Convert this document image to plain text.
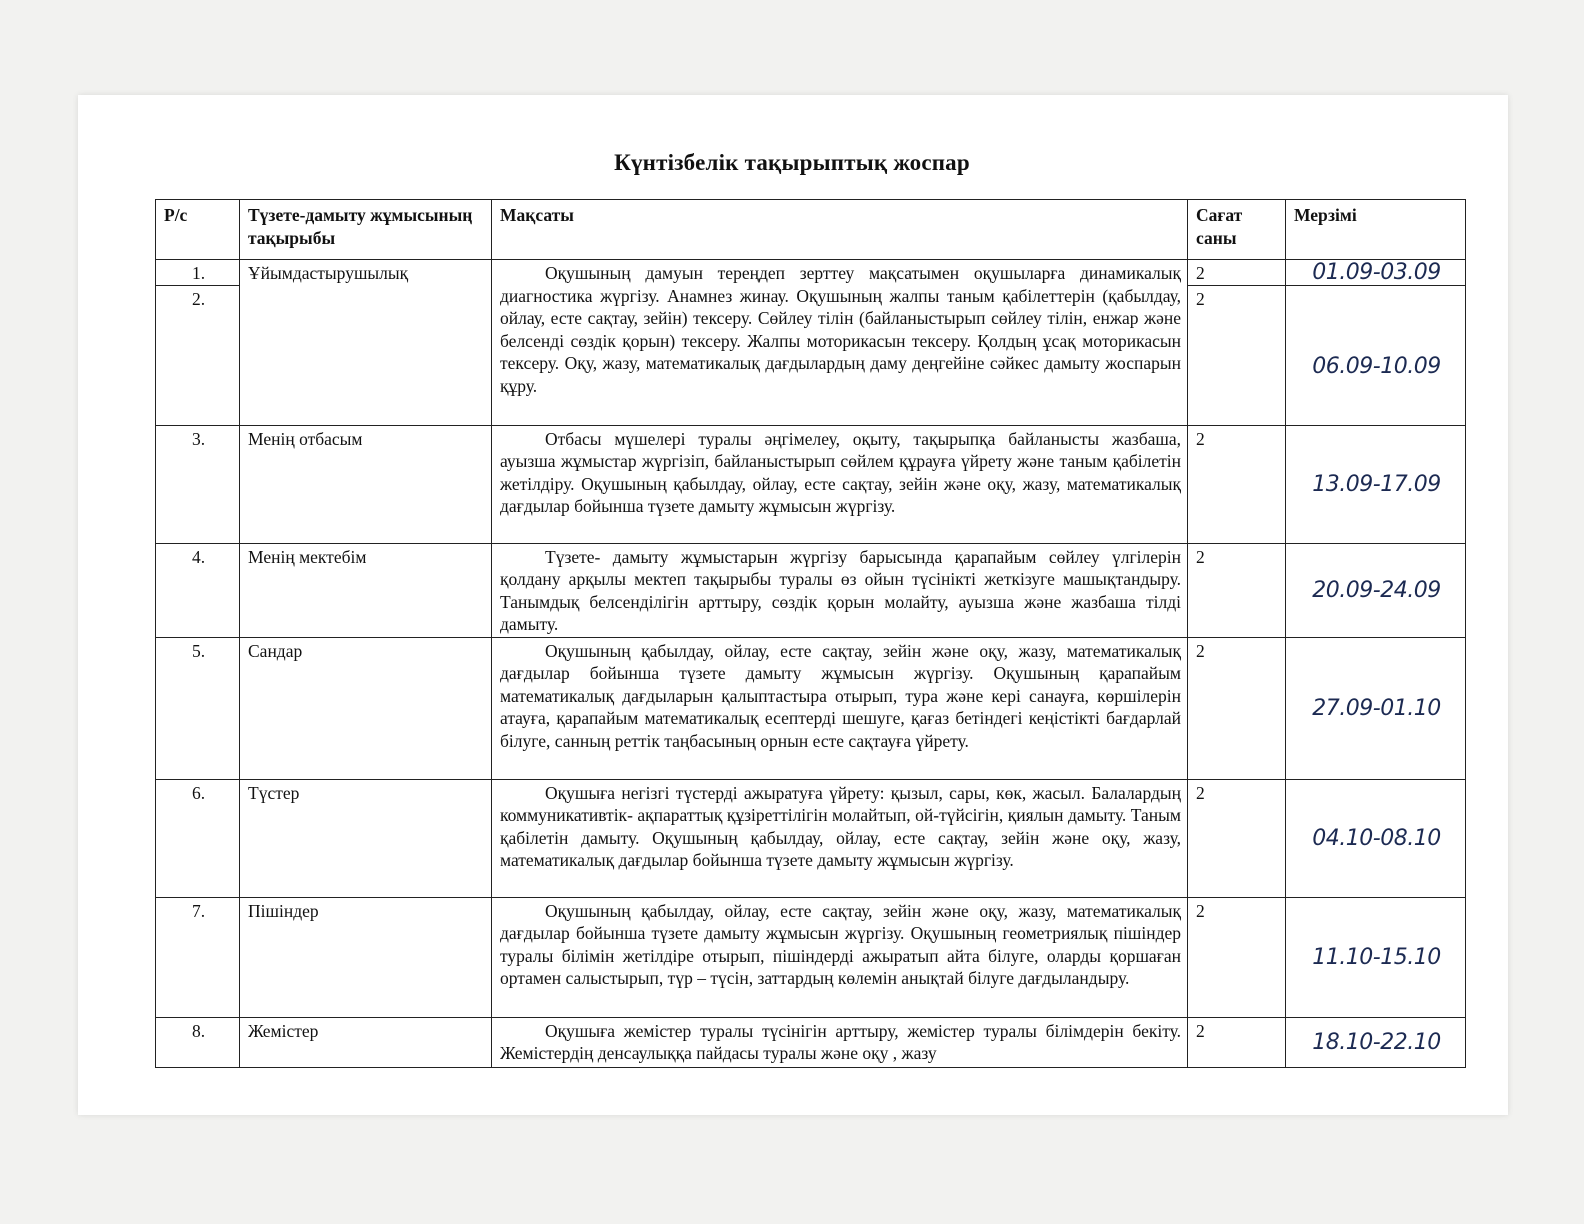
Күнтізбелік тақырыптық жоспар
Р/с	Түзете-дамыту жұмысының тақырыбы	Мақсаты	Сағат саны	Мерзімі
1.	Ұйымдастырушылық	Оқушының дамуын тереңдеп зерттеу мақсатымен оқушыларға динамикалық диагностика жүргізу. Анамнез жинау. Оқушының жалпы таным қабілеттерін (қабылдау, ойлау, есте сақтау, зейін) тексеру. Сөйлеу тілін (байланыстырып сөйлеу тілін, енжар және белсенді сөздік қорын) тексеру. Жалпы моторикасын тексеру. Қолдың ұсақ моторикасын тексеру. Оқу, жазу, математикалық дағдылардың даму деңгейіне сәйкес дамыту жоспарын құру.	2	01.09-03.09

2.			2	06.09-10.09

3.	Менің отбасым	Отбасы мүшелері туралы әңгімелеу, оқыту, тақырыпқа байланысты жазбаша, ауызша жұмыстар жүргізіп, байланыстырып сөйлем құрауға үйрету және таным қабілетін жетілдіру. Оқушының қабылдау, ойлау, есте сақтау, зейін және оқу, жазу, математикалық дағдылар бойынша түзете дамыту жұмысын жүргізу.	2	13.09-17.09

4.	Менің мектебім	Түзете- дамыту жұмыстарын жүргізу барысында қарапайым сөйлеу үлгілерін қолдану арқылы мектеп тақырыбы туралы өз ойын түсінікті жеткізуге машықтандыру. Танымдық белсенділігін арттыру, сөздік қорын молайту, ауызша және жазбаша тілді дамыту.	2	20.09-24.09

5.	Сандар	Оқушының қабылдау, ойлау, есте сақтау, зейін және оқу, жазу, математикалық дағдылар бойынша түзете дамыту жұмысын жүргізу. Оқушының қарапайым математикалық дағдыларын қалыптастыра отырып, тура және кері санауға, көршілерін атауға, қарапайым математикалық есептерді шешуге, қағаз бетіндегі кеңістікті бағдарлай білуге, санның реттік таңбасының орнын есте сақтауға үйрету.	2	27.09-01.10

6.	Түстер	Оқушыға негізгі түстерді ажыратуға үйрету: қызыл, сары, көк, жасыл. Балалардың коммуникативтік- ақпараттық құзіреттілігін молайтып, ой-түйсігін, қиялын дамыту. Таным қабілетін дамыту. Оқушының қабылдау, ойлау, есте сақтау, зейін және оқу, жазу, математикалық дағдылар бойынша түзете дамыту жұмысын жүргізу.	2	04.10-08.10

7.	Пішіндер	Оқушының қабылдау, ойлау, есте сақтау, зейін және оқу, жазу, математикалық дағдылар бойынша түзете дамыту жұмысын жүргізу. Оқушының геометриялық пішіндер туралы білімін жетілдіре отырып, пішіндерді ажыратып айта білуге, оларды қоршаған ортамен салыстырып, түр – түсін, заттардың көлемін анықтай білуге дағдыландыру.	2	11.10-15.10

8.	Жемістер	Оқушыға жемістер туралы түсінігін арттыру, жемістер туралы білімдерін бекіту. Жемістердің денсаулыққа пайдасы туралы және оқу , жазу	2	18.10-22.10
